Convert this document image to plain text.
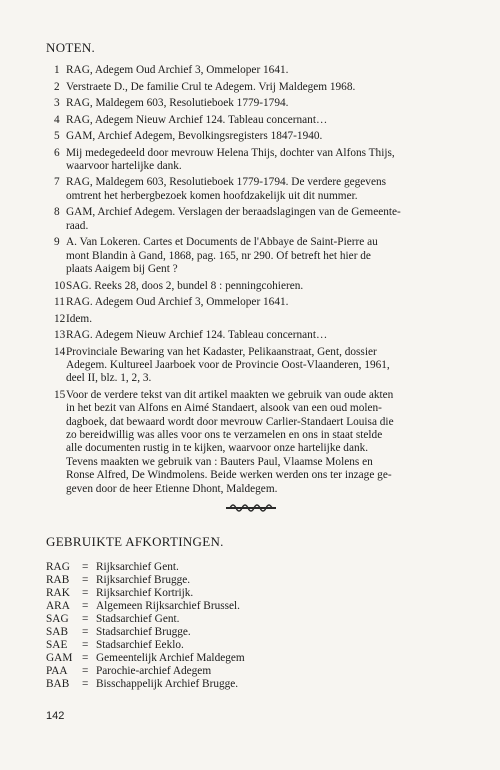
NOTEN.
1 RAG, Adegem Oud Archief 3, Ommeloper 1641.
2 Verstraete D., De familie Crul te Adegem. Vrij Maldegem 1968.
3 RAG, Maldegem 603, Resolutieboek 1779-1794.
4 RAG, Adegem Nieuw Archief 124. Tableau concernant…
5 GAM, Archief Adegem, Bevolkingsregisters 1847-1940.
6 Mij medegedeeld door mevrouw Helena Thijs, dochter van Alfons Thijs,
waarvoor hartelijke dank.
7 RAG, Maldegem 603, Resolutieboek 1779-1794. De verdere gegevens
omtrent het herbergbezoek komen hoofdzakelijk uit dit nummer.
8 GAM, Archief Adegem. Verslagen der beraadslagingen van de Gemeente-
raad.
9 A. Van Lokeren. Cartes et Documents de l'Abbaye de Saint-Pierre au
mont Blandin à Gand, 1868, pag. 165, nr 290. Of betreft het hier de
plaats Aaigem bij Gent ?
10 SAG. Reeks 28, doos 2, bundel 8 : penningcohieren.
11 RAG. Adegem Oud Archief 3, Ommeloper 1641.
12 Idem.
13 RAG. Adegem Nieuw Archief 124. Tableau concernant…
14 Provinciale Bewaring van het Kadaster, Pelikaanstraat, Gent, dossier
Adegem. Kultureel Jaarboek voor de Provincie Oost-Vlaanderen, 1961,
deel II, blz. 1, 2, 3.
15 Voor de verdere tekst van dit artikel maakten we gebruik van oude akten
in het bezit van Alfons en Aimé Standaert, alsook van een oud molen-
dagboek, dat bewaard wordt door mevrouw Carlier-Standaert Louisa die
zo bereidwillig was alles voor ons te verzamelen en ons in staat stelde
alle documenten rustig in te kijken, waarvoor onze hartelijke dank.
Tevens maakten we gebruik van : Bauters Paul, Vlaamse Molens en
Ronse Alfred, De Windmolens. Beide werken werden ons ter inzage ge-
geven door de heer Etienne Dhont, Maldegem.
GEBRUIKTE AFKORTINGEN.
RAG	= Rijksarchief Gent.
RAB	= Rijksarchief Brugge.
RAK	= Rijksarchief Kortrijk.
ARA	= Algemeen Rijksarchief Brussel.
SAG	= Stadsarchief Gent.
SAB	= Stadsarchief Brugge.
SAE	= Stadsarchief Eeklo.
GAM = Gemeentelijk Archief Maldegem
PAA	= Parochie-archief Adegem
BAB	= Bisschappelijk Archief Brugge.
142
